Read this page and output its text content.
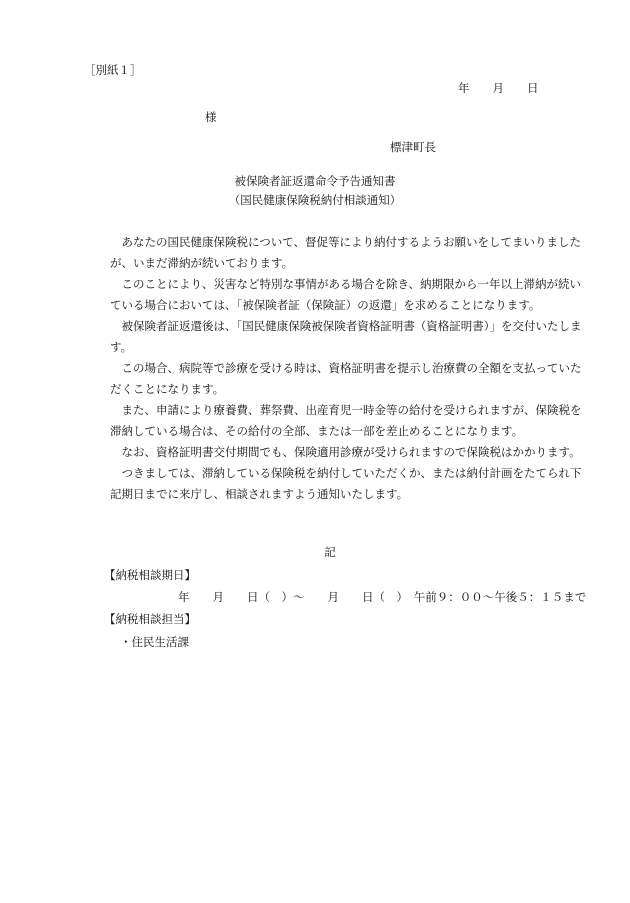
［別紙１］
年　　月　　日
様
標津町長
被保険者証返還命令予告通知書
（国民健康保険税納付相談通知）

あなたの国民健康保険税について、督促等により納付するようお願いをしてまいりましたが、いまだ滞納が続いております。

このことにより、災害など特別な事情がある場合を除き、納期限から一年以上滞納が続いている場合においては、「被保険者証（保険証）の返還」を求めることになります。

被保険者証返還後は、「国民健康保険被保険者資格証明書（資格証明書）」を交付いたします。

この場合、病院等で診療を受ける時は、資格証明書を提示し治療費の全額を支払っていただくことになります。

また、申請により療養費、葬祭費、出産育児一時金等の給付を受けられますが、保険税を滞納している場合は、その給付の全部、または一部を差止めることになります。

なお、資格証明書交付期間でも、保険適用診療が受けられますので保険税はかかります。

つきましては、滞納している保険税を納付していただくか、または納付計画をたてられ下記期日までに来庁し、相談されますよう通知いたします。

記
【納税相談期日】
年　　月　　日（　）～　　月　　日（　）　午前９：００～午後５：１５まで
【納税相談担当】
・住民生活課
